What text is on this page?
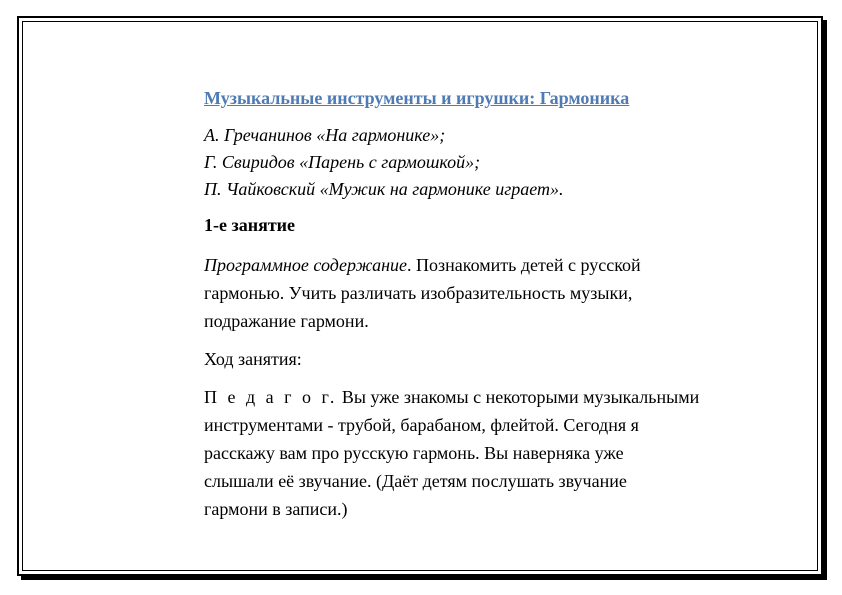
Музыкальные инструменты и игрушки: Гармоника
А. Гречанинов «На гармонике»;
Г. Свиридов «Парень с гармошкой»;
П. Чайковский «Мужик на гармонике играет».
1-е занятие
Программное содержание. Познакомить детей с русской
гармонью. Учить различать изобразительность музыки,
подражание гармони.
Ход занятия:
П е д а г о г. Вы уже знакомы с некоторыми музыкальными
инструментами - трубой, барабаном, флейтой. Сегодня я
расскажу вам про русскую гармонь. Вы наверняка уже
слышали её звучание. (Даёт детям послушать звучание
гармони в записи.)
